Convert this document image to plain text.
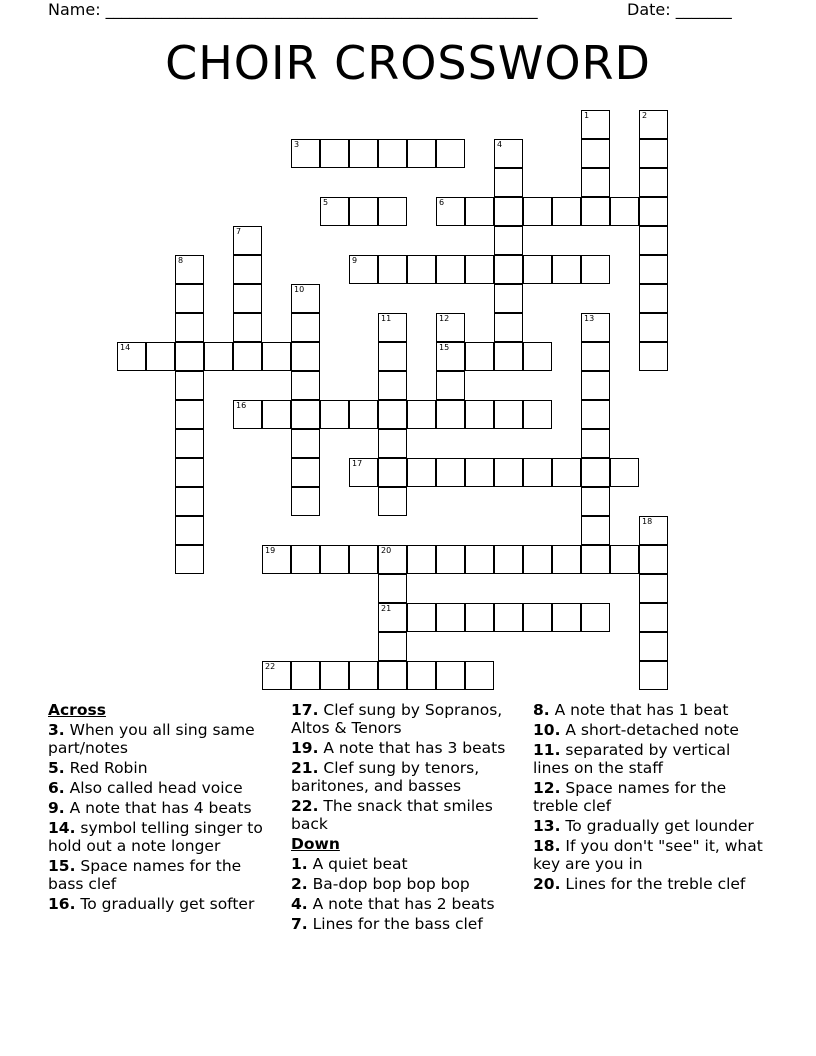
Name: ______________________________________________________	Date: _______
CHOIR CROSSWORD
1	2
3	4
5	6
7
8	9
10
11	12
15
13
14
16
17
18
19	20
21
22
Across
3. When you all sing same part/notes
5. Red Robin
6. Also called head voice
9. A note that has 4 beats
14. symbol telling singer to hold out a note longer
15. Space names for the bass clef
16. To gradually get softer
17. Clef sung by Sopranos, Altos & Tenors
19. A note that has 3 beats
21. Clef sung by tenors, baritones, and basses
22. The snack that smiles back
Down
1. A quiet beat
2. Ba-dop bop bop bop
4. A note that has 2 beats
7. Lines for the bass clef
8. A note that has 1 beat
10. A short-detached note
11. separated by vertical lines on the staff
12. Space names for the treble clef
13. To gradually get lounder
18. If you don't "see" it, what key are you in
20. Lines for the treble clef
